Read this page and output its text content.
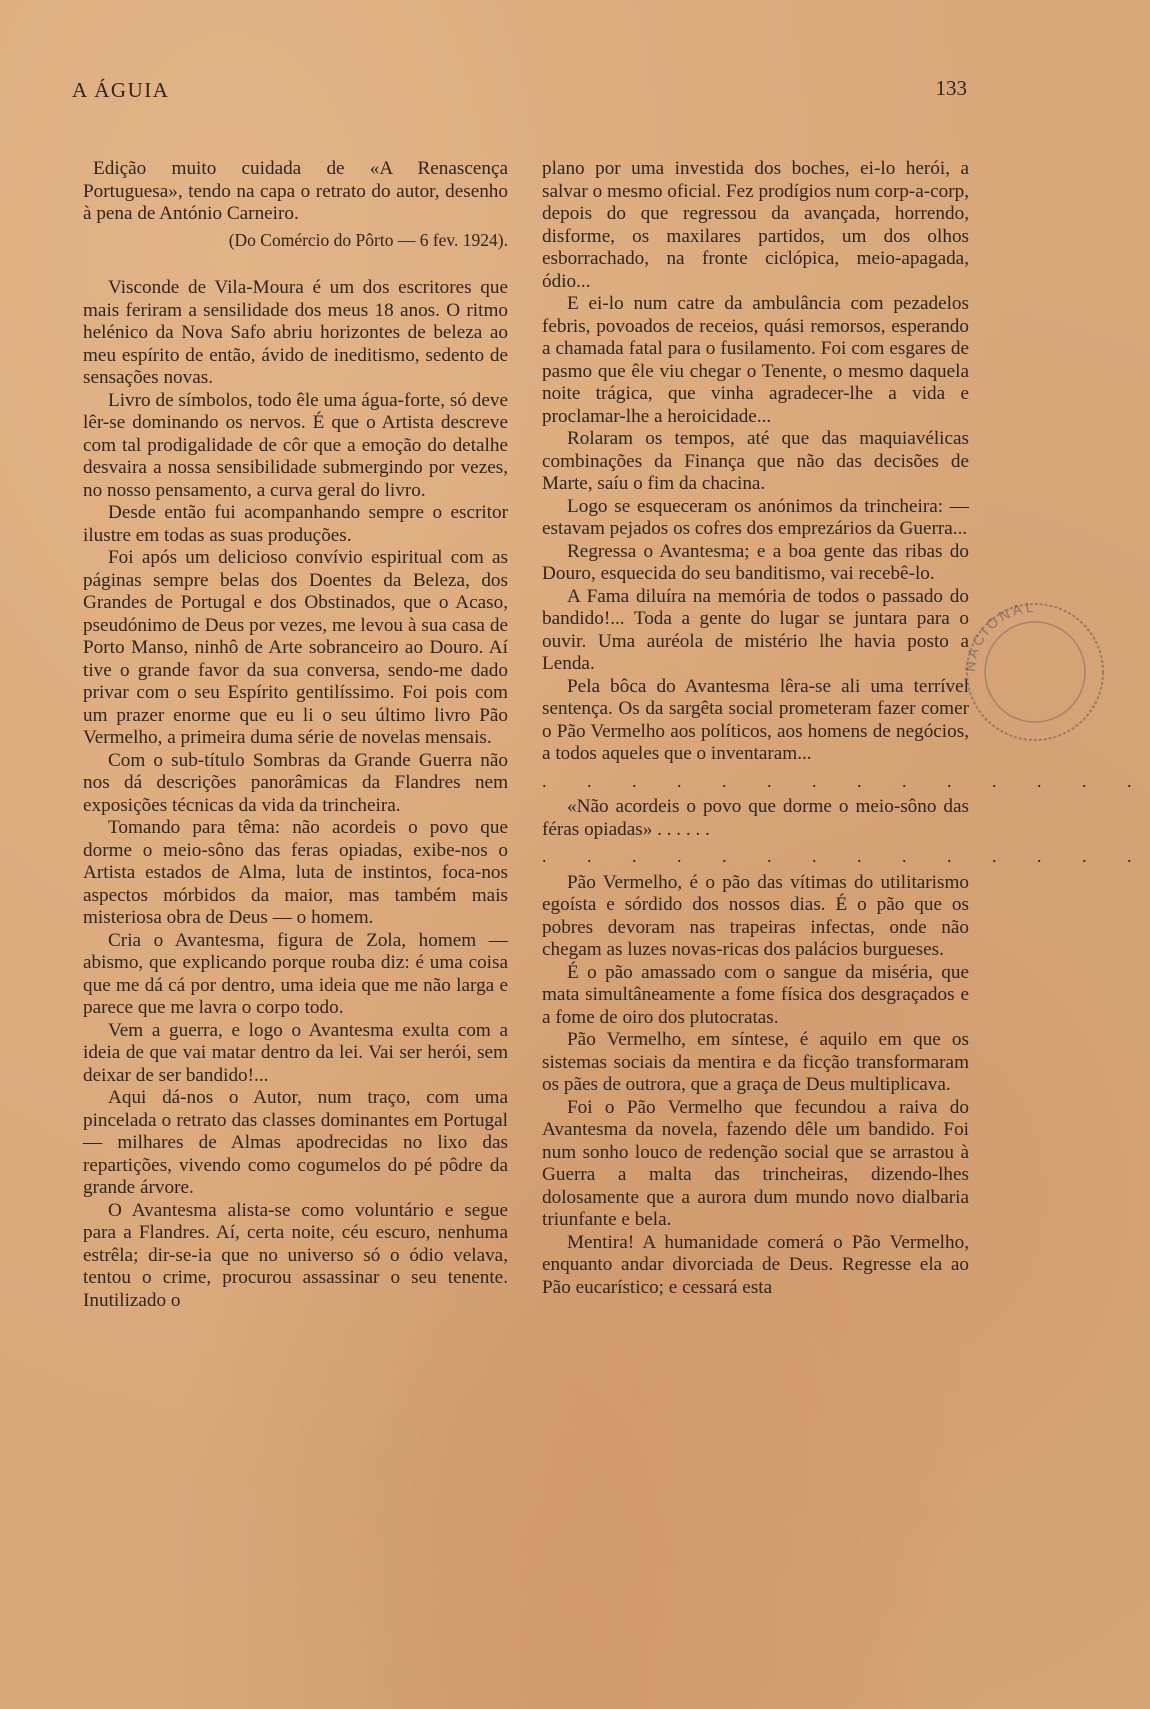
A ÁGUIA	133

Edição muito cuidada de «A Renascença Portuguesa», tendo na capa o retrato do autor, desenho à pena de António Carneiro.

(Do Comércio do Pôrto — 6 fev. 1924).

Visconde de Vila-Moura é um dos escritores que mais feriram a sensilidade dos meus 18 anos. O ritmo helénico da Nova Safo abriu horizontes de beleza ao meu espírito de então, ávido de ineditismo, sedento de sensações novas.

Livro de símbolos, todo êle uma água-forte, só deve lêr-se dominando os nervos. É que o Artista descreve com tal prodigalidade de côr que a emoção do detalhe desvaira a nossa sensibilidade submergindo por vezes, no nosso pensamento, a curva geral do livro.

Desde então fui acompanhando sempre o escritor ilustre em todas as suas produções.

Foi após um delicioso convívio espiritual com as páginas sempre belas dos Doentes da Beleza, dos Grandes de Portugal e dos Obstinados, que o Acaso, pseudónimo de Deus por vezes, me levou à sua casa de Porto Manso, ninhô de Arte sobranceiro ao Douro. Aí tive o grande favor da sua conversa, sendo-me dado privar com o seu Espírito gentilíssimo. Foi pois com um prazer enorme que eu li o seu último livro Pão Vermelho, a primeira duma série de novelas mensais.

Com o sub-título Sombras da Grande Guerra não nos dá descrições panorâmicas da Flandres nem exposições técnicas da vida da trincheira.

Tomando para têma: não acordeis o povo que dorme o meio-sôno das feras opiadas, exibe-nos o Artista estados de Alma, luta de instintos, foca-nos aspectos mórbidos da maior, mas também mais misteriosa obra de Deus — o homem.

Cria o Avantesma, figura de Zola, homem — abismo, que explicando porque rouba diz: é uma coisa que me dá cá por dentro, uma ideia que me não larga e parece que me lavra o corpo todo.

Vem a guerra, e logo o Avantesma exulta com a ideia de que vai matar dentro da lei. Vai ser herói, sem deixar de ser bandido!...

Aqui dá-nos o Autor, num traço, com uma pincelada o retrato das classes dominantes em Portugal — milhares de Almas apodrecidas no lixo das repartições, vivendo como cogumelos do pé pôdre da grande árvore.

O Avantesma alista-se como voluntário e segue para a Flandres. Aí, certa noite, céu escuro, nenhuma estrêla; dir-se-ia que no universo só o ódio velava, tentou o crime, procurou assassinar o seu tenente. Inutilizado o

plano por uma investida dos boches, ei-lo herói, a salvar o mesmo oficial. Fez prodígios num corp-a-corp, depois do que regressou da avançada, horrendo, disforme, os maxilares partidos, um dos olhos esborrachado, na fronte ciclópica, meio-apagada, ódio...

E ei-lo num catre da ambulância com pezadelos febris, povoados de receios, quási remorsos, esperando a chamada fatal para o fusilamento. Foi com esgares de pasmo que êle viu chegar o Tenente, o mesmo daquela noite trágica, que vinha agradecer-lhe a vida e proclamar-lhe a heroicidade...

Rolaram os tempos, até que das maquiavélicas combinações da Finança que não das decisões de Marte, saíu o fim da chacina.

Logo se esqueceram os anónimos da trincheira: — estavam pejados os cofres dos emprezários da Guerra...

Regressa o Avantesma; e a boa gente das ribas do Douro, esquecida do seu banditismo, vai recebê-lo.

A Fama diluíra na memória de todos o passado do bandido!... Toda a gente do lugar se juntara para o ouvir. Uma auréola de mistério lhe havia posto a Lenda.

Pela bôca do Avantesma lêra-se ali uma terrível sentença. Os da sargêta social prometeram fazer comer o Pão Vermelho aos políticos, aos homens de negócios, a todos aqueles que o inventaram...

. . . . . . . . . . . . . .

«Não acordeis o povo que dorme o meio-sôno das féras opiadas» . . . . . .

. . . . . . . . . . . . . .

Pão Vermelho, é o pão das vítimas do utilitarismo egoísta e sórdido dos nossos dias. É o pão que os pobres devoram nas trapeiras infectas, onde não chegam as luzes novas-ricas dos palácios burgueses.

É o pão amassado com o sangue da miséria, que mata simultâneamente a fome física dos desgraçados e a fome de oiro dos plutocratas.

Pão Vermelho, em síntese, é aquilo em que os sistemas sociais da mentira e da ficção transformaram os pães de outrora, que a graça de Deus multiplicava.

Foi o Pão Vermelho que fecundou a raiva do Avantesma da novela, fazendo dêle um bandido. Foi num sonho louco de redenção social que se arrastou à Guerra a malta das trincheiras, dizendo-lhes dolosamente que a aurora dum mundo novo dialbaria triunfante e bela.

Mentira! A humanidade comerá o Pão Vermelho, enquanto andar divorciada de Deus. Regresse ela ao Pão eucarístico; e cessará esta

NACIONAL
